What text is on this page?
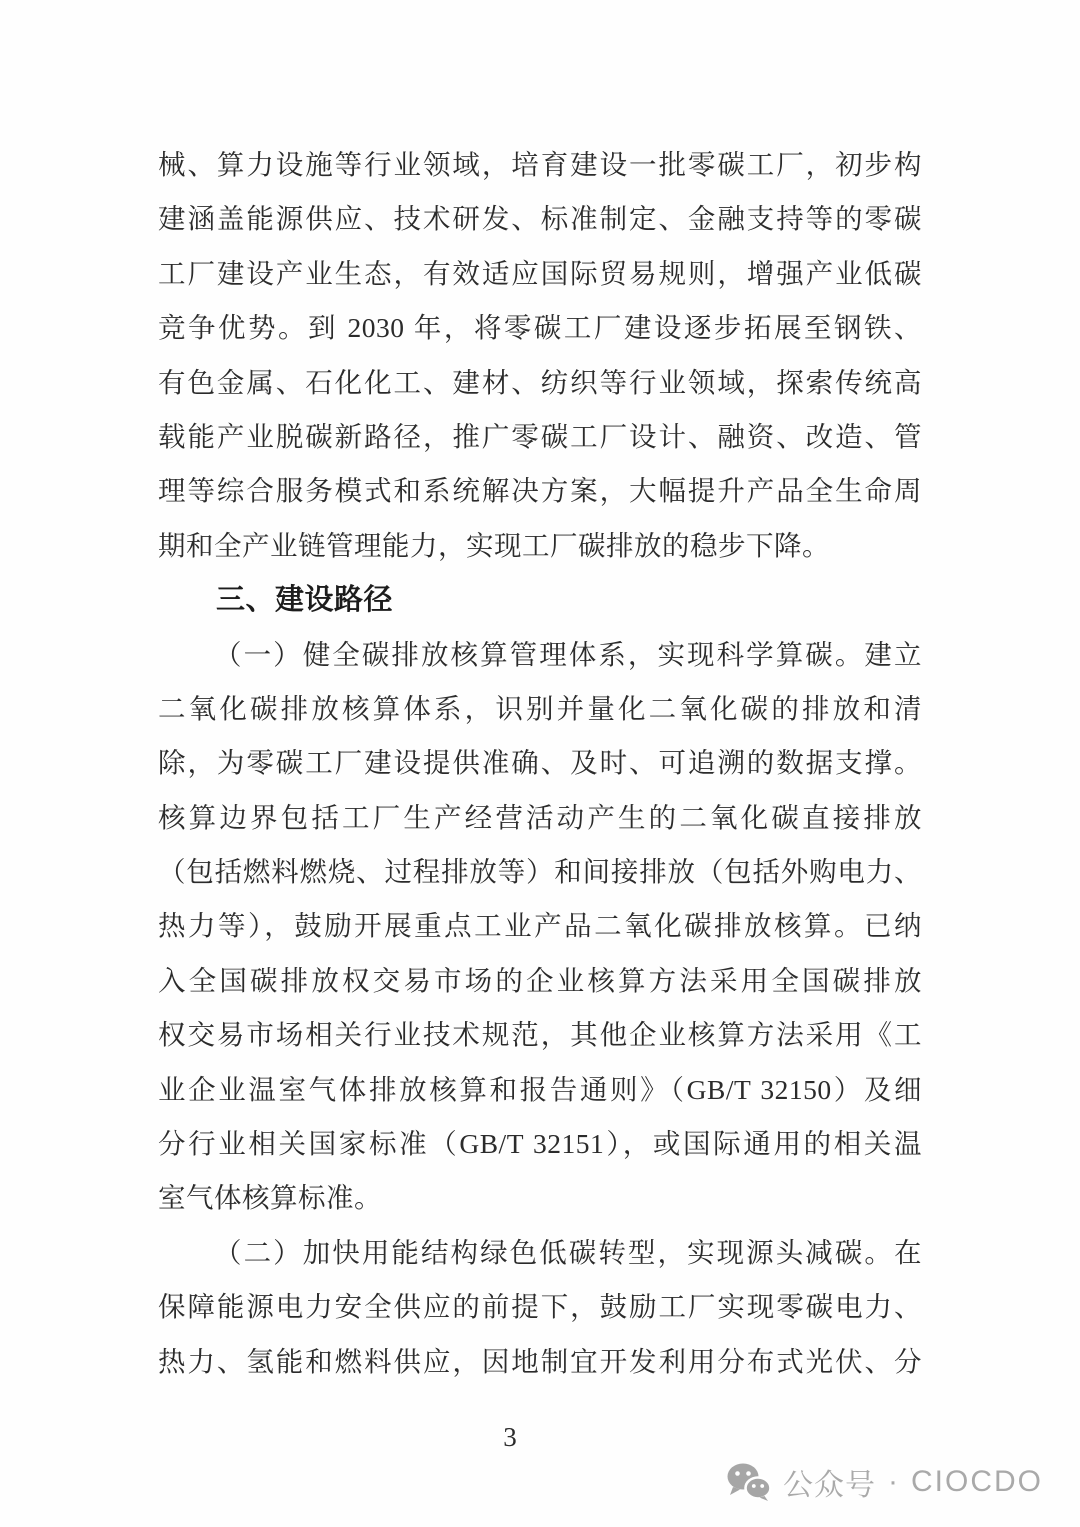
械、算力设施等行业领域，培育建设一批零碳工厂，初步构
建涵盖能源供应、技术研发、标准制定、金融支持等的零碳
工厂建设产业生态，有效适应国际贸易规则，增强产业低碳
竞争优势。到 2030 年，将零碳工厂建设逐步拓展至钢铁、
有色金属、石化化工、建材、纺织等行业领域，探索传统高
载能产业脱碳新路径，推广零碳工厂设计、融资、改造、管
理等综合服务模式和系统解决方案，大幅提升产品全生命周
期和全产业链管理能力，实现工厂碳排放的稳步下降。
三、建设路径
（一）健全碳排放核算管理体系，实现科学算碳。建立
二氧化碳排放核算体系，识别并量化二氧化碳的排放和清
除，为零碳工厂建设提供准确、及时、可追溯的数据支撑。
核算边界包括工厂生产经营活动产生的二氧化碳直接排放
（包括燃料燃烧、过程排放等）和间接排放（包括外购电力、
热力等），鼓励开展重点工业产品二氧化碳排放核算。已纳
入全国碳排放权交易市场的企业核算方法采用全国碳排放
权交易市场相关行业技术规范，其他企业核算方法采用《工
业企业温室气体排放核算和报告通则》（GB/T 32150）及细
分行业相关国家标准（GB/T 32151），或国际通用的相关温
室气体核算标准。
（二）加快用能结构绿色低碳转型，实现源头减碳。在
保障能源电力安全供应的前提下，鼓励工厂实现零碳电力、
热力、氢能和燃料供应，因地制宜开发利用分布式光伏、分
3
公众号 · CIOCDO
